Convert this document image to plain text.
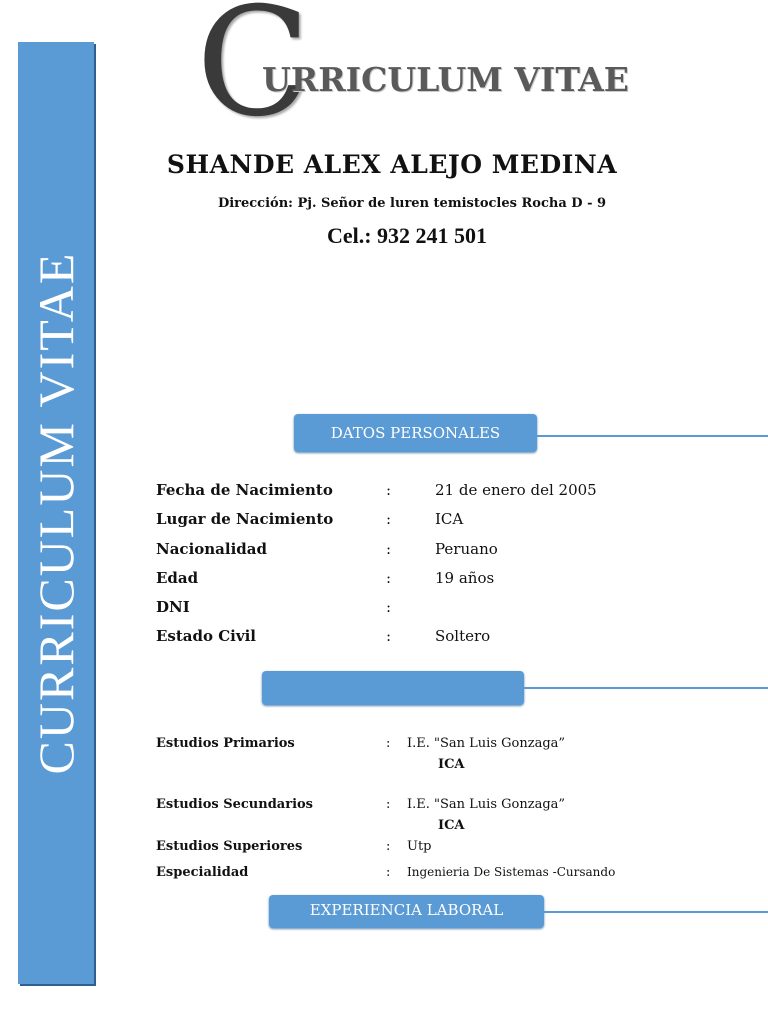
CURRICULUM VITAE
C
URRICULUM VITAE
SHANDE ALEX ALEJO MEDINA
Dirección: Pj. Señor de luren temistocles Rocha D - 9
Cel.: 932 241 501
DATOS PERSONALES
Fecha de Nacimiento	:	21 de enero del 2005
Lugar de Nacimiento	:	ICA
Nacionalidad	:	Peruano
Edad	:	19 años
DNI	:
Estado Civil	:	Soltero
Estudios Primarios	: I.E. "San Luis Gonzaga”
ICA
Estudios Secundarios	: I.E. "San Luis Gonzaga”
ICA
Estudios Superiores	: Utp
Especialidad	: Ingenieria De Sistemas -Cursando
EXPERIENCIA LABORAL
